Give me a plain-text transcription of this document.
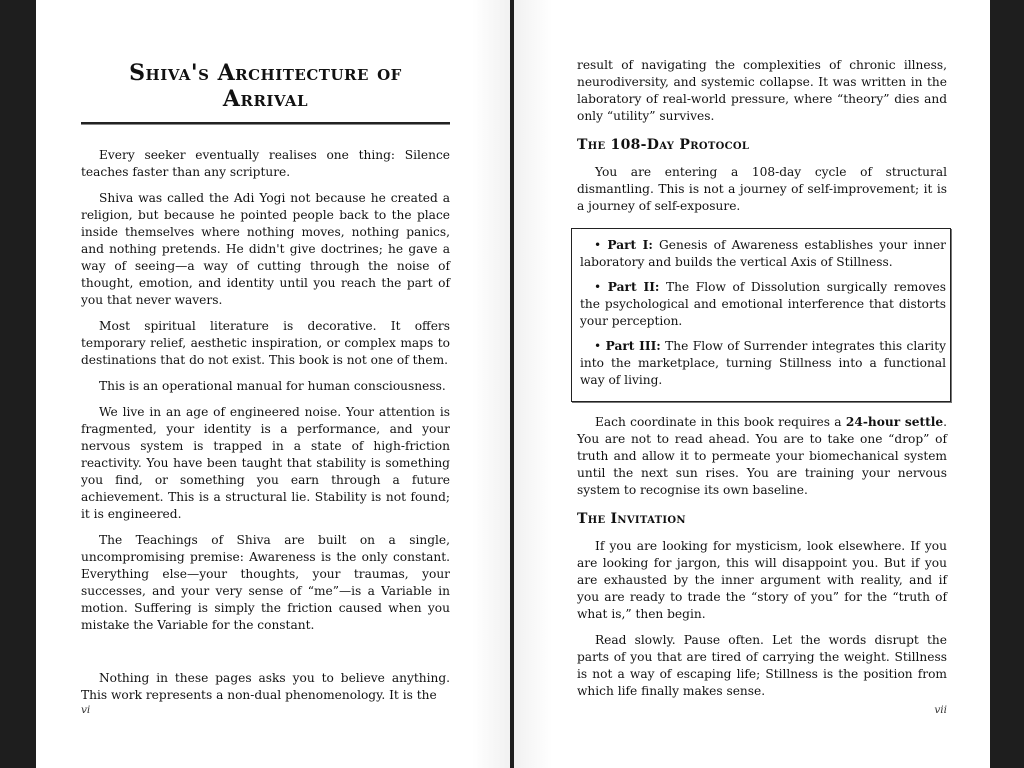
Shiva's Architecture of
Arrival

Every seeker eventually realises one thing: Silence teaches faster than any scripture.

Shiva was called the Adi Yogi not because he created a religion, but because he pointed people back to the place inside themselves where nothing moves, nothing panics, and nothing pretends. He didn't give doctrines; he gave a way of seeing—a way of cutting through the noise of thought, emotion, and identity until you reach the part of you that never wavers.

Most spiritual literature is decorative. It offers temporary relief, aesthetic inspiration, or complex maps to destinations that do not exist. This book is not one of them.

This is an operational manual for human consciousness.

We live in an age of engineered noise. Your attention is fragmented, your identity is a performance, and your nervous system is trapped in a state of high-friction reactivity. You have been taught that stability is something you find, or something you earn through a future achievement. This is a structural lie. Stability is not found; it is engineered.

The Teachings of Shiva are built on a single, uncompromising premise: Awareness is the only constant. Everything else—your thoughts, your traumas, your successes, and your very sense of “me”—is a Variable in motion. Suffering is simply the friction caused when you mistake the Variable for the constant.

Nothing in these pages asks you to believe anything. This work represents a non-dual phenomenology. It is the

vi

result of navigating the complexities of chronic illness, neurodiversity, and systemic collapse. It was written in the laboratory of real-world pressure, where “theory” dies and only “utility” survives.

The 108-Day Protocol

You are entering a 108-day cycle of structural dismantling. This is not a journey of self-improvement; it is a journey of self-exposure.

• Part I: Genesis of Awareness establishes your inner laboratory and builds the vertical Axis of Stillness.

• Part II: The Flow of Dissolution surgically removes the psychological and emotional interference that distorts your perception.

• Part III: The Flow of Surrender integrates this clarity into the marketplace, turning Stillness into a functional way of living.

Each coordinate in this book requires a 24-hour settle. You are not to read ahead. You are to take one “drop” of truth and allow it to permeate your biomechanical system until the next sun rises. You are training your nervous system to recognise its own baseline.

The Invitation

If you are looking for mysticism, look elsewhere. If you are looking for jargon, this will disappoint you. But if you are exhausted by the inner argument with reality, and if you are ready to trade the “story of you” for the “truth of what is,” then begin.

Read slowly. Pause often. Let the words disrupt the parts of you that are tired of carrying the weight. Stillness is not a way of escaping life; Stillness is the position from which life finally makes sense.

vii
